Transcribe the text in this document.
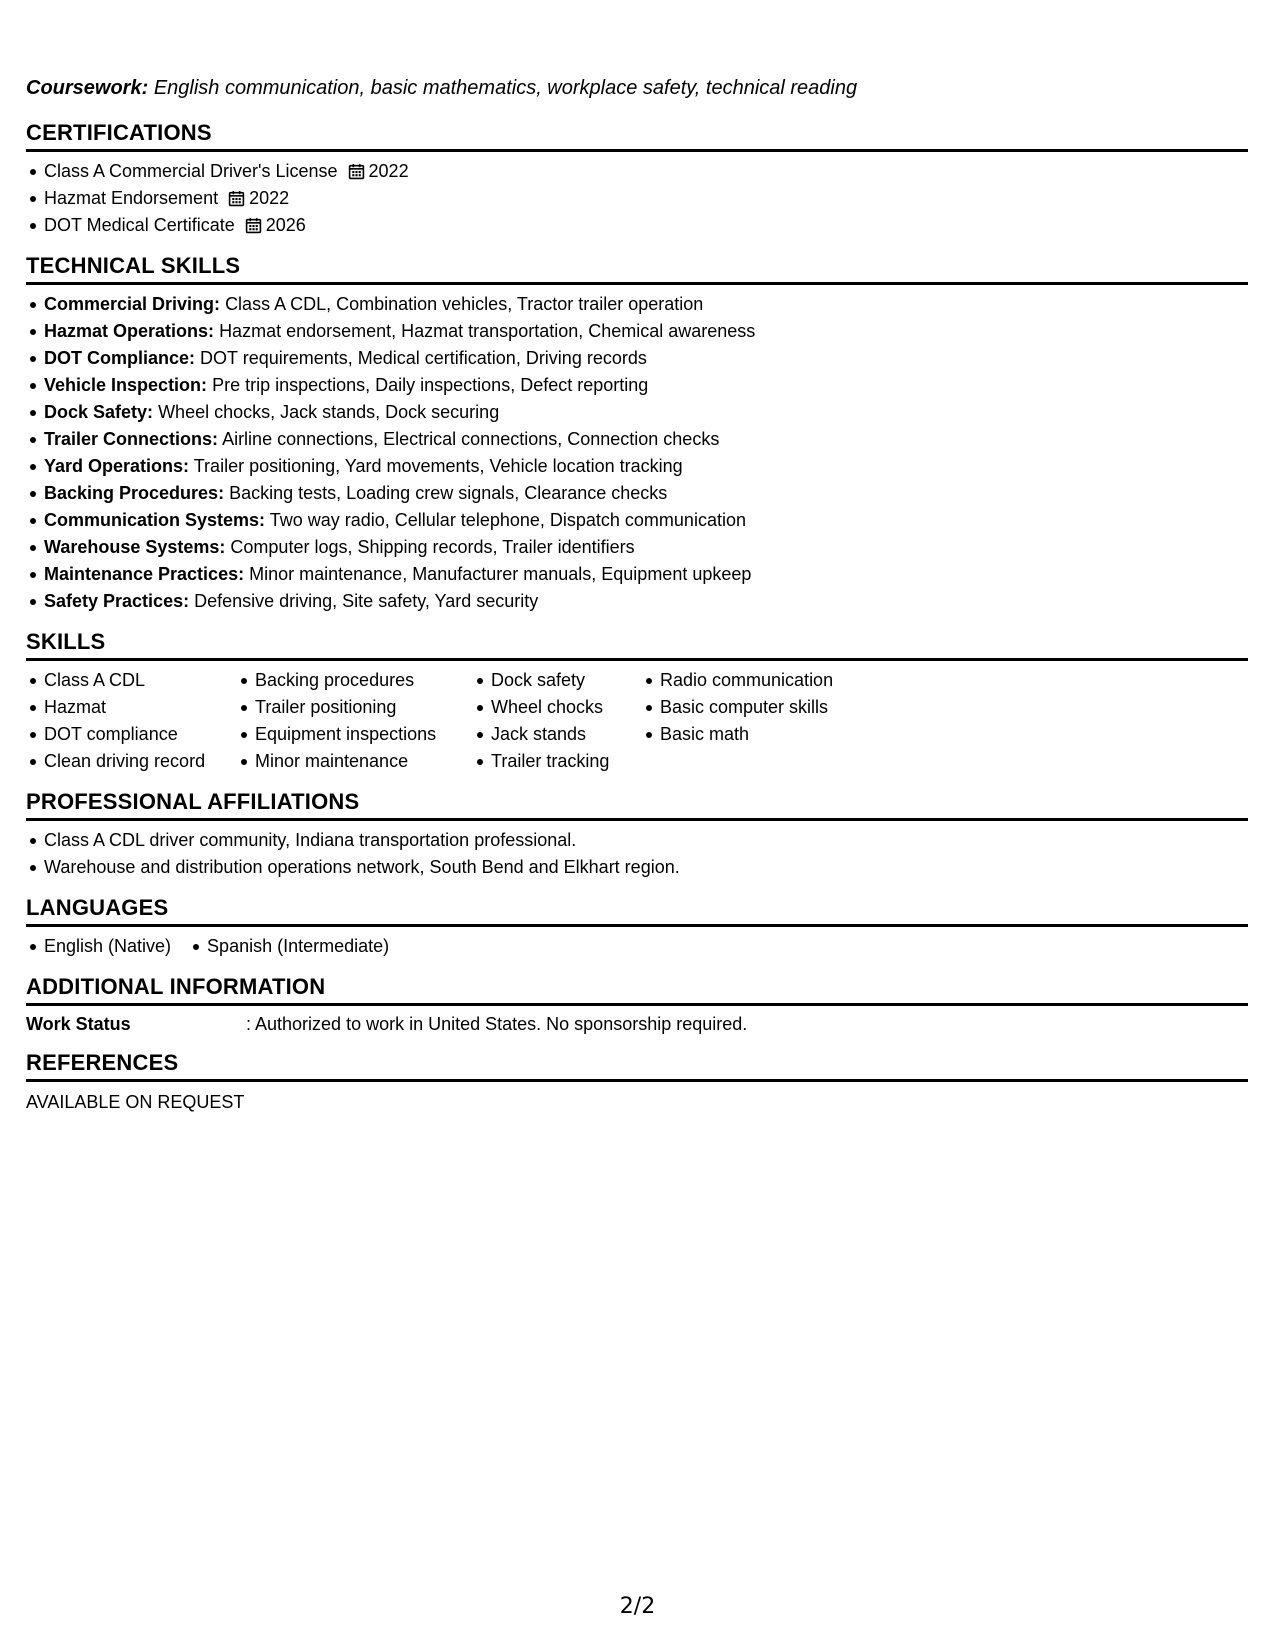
Coursework: English communication, basic mathematics, workplace safety, technical reading

CERTIFICATIONS
Class A Commercial Driver's License 2022
Hazmat Endorsement 2022
DOT Medical Certificate 2026
TECHNICAL SKILLS
Commercial Driving: Class A CDL, Combination vehicles, Tractor trailer operation
Hazmat Operations: Hazmat endorsement, Hazmat transportation, Chemical awareness
DOT Compliance: DOT requirements, Medical certification, Driving records
Vehicle Inspection: Pre trip inspections, Daily inspections, Defect reporting
Dock Safety: Wheel chocks, Jack stands, Dock securing
Trailer Connections: Airline connections, Electrical connections, Connection checks
Yard Operations: Trailer positioning, Yard movements, Vehicle location tracking
Backing Procedures: Backing tests, Loading crew signals, Clearance checks
Communication Systems: Two way radio, Cellular telephone, Dispatch communication
Warehouse Systems: Computer logs, Shipping records, Trailer identifiers
Maintenance Practices: Minor maintenance, Manufacturer manuals, Equipment upkeep
Safety Practices: Defensive driving, Site safety, Yard security
SKILLS
Class A CDL
Hazmat
DOT compliance
Clean driving record
Backing procedures
Trailer positioning
Equipment inspections
Minor maintenance
Dock safety
Wheel chocks
Jack stands
Trailer tracking
Radio communication
Basic computer skills
Basic math
PROFESSIONAL AFFILIATIONS
Class A CDL driver community, Indiana transportation professional.
Warehouse and distribution operations network, South Bend and Elkhart region.
LANGUAGES
English (Native) Spanish (Intermediate)
ADDITIONAL INFORMATION
Work Status	: Authorized to work in United States. No sponsorship required.
REFERENCES
AVAILABLE ON REQUEST
2/2
